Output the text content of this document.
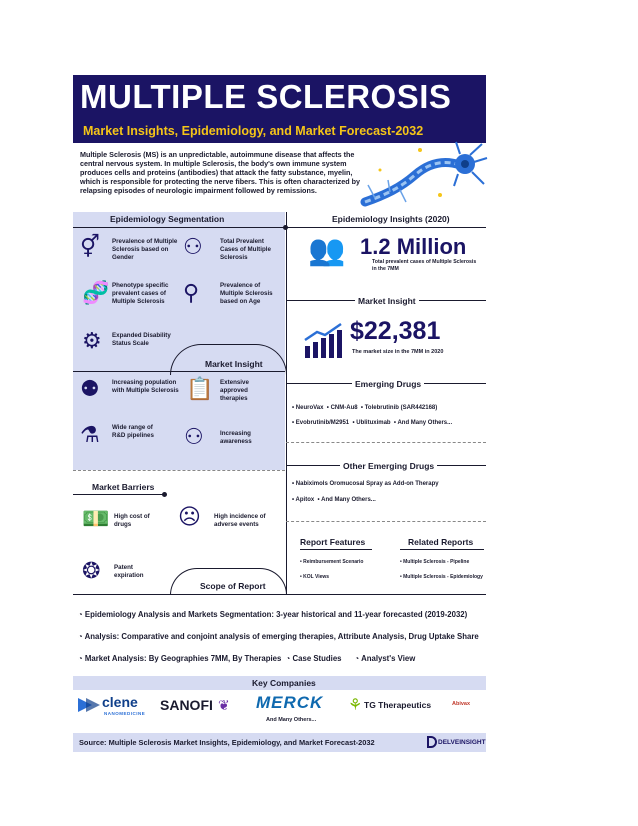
MULTIPLE SCLEROSIS
Market Insights, Epidemiology, and Market Forecast-2032
Multiple Sclerosis (MS) is an unpredictable, autoimmune disease that affects the central nervous system. In multiple Sclerosis, the body's own immune system produces cells and proteins (antibodies) that attack the fatty substance, myelin, which is responsible for protecting the nerve fibers. This is often characterized by relapsing episodes of neurologic impairment followed by remissions.
Epidemiology Segmentation
⚥ Prevalence of Multiple Sclerosis based on Gender	⚇	Total Prevalent Cases of Multiple Sclerosis
🧬 Phenotype specific prevalent cases of Multiple Sclerosis ⚲	Prevalence of Multiple Sclerosis based on Age
⚙ Expanded Disability Status Scale
Market Insight
⚉ Increasing population with Multiple Sclerosis 📋 Extensive approved therapies
⚗ Wide range of R&D pipelines	⚇	Increasing awareness
Market Barriers
💵 High cost of drugs	☹ High incidence of adverse events
❂ Patent expiration
Scope of Report
Epidemiology Insights (2020)
👥 1.2 Million
Total prevalent cases of Multiple Sclerosis in the 7MM
Market Insight
$22,381
The market size in the 7MM in 2020
Emerging Drugs
• NeuroVax  • CNM-Au8  • Tolebrutinib (SAR442168)
• Evobrutinib/M2951  • Ublituximab  • And Many Others...
Other Emerging Drugs
• Nabiximols Oromucosal Spray as Add-on Therapy
• Apitox  • And Many Others...
Report Features	Related Reports
• Reimbursement Scenario
• KOL Views
• Multiple Sclerosis - Pipeline
• Multiple Sclerosis - Epidemiology
◔ Epidemiology Analysis and Markets Segmentation: 3-year historical and 11-year forecasted (2019-2032)
◔ Analysis: Comparative and conjoint analysis of emerging therapies, Attribute Analysis, Drug Uptake Share
◔ Market Analysis: By Geographies 7MM, By Therapies  ◔ Case Studies      ◔ Analyst's View
Key Companies
clene
NANOMEDICINE
SANOFI ❦ MERCK
And Many Others...
⚘ TG Therapeutics	Abivax
Source: Multiple Sclerosis Market Insights, Epidemiology, and Market Forecast-2032	DELVEINSIGHT
